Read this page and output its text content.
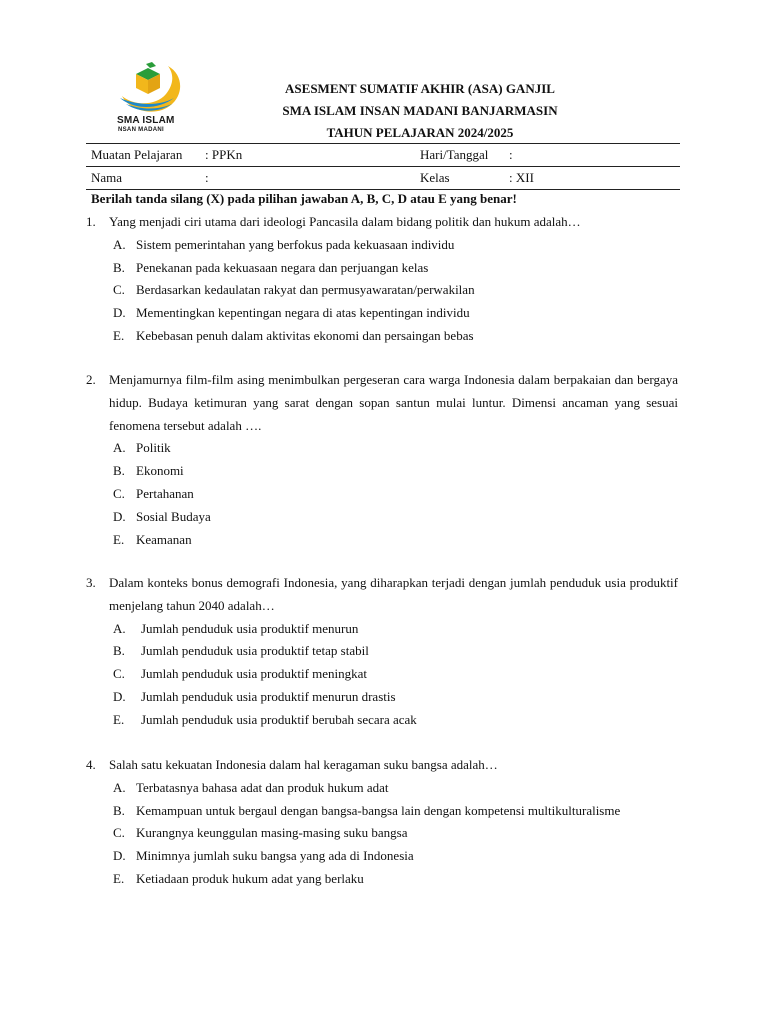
SMA ISLAM
NSAN MADANI
ASESMENT SUMATIF AKHIR (ASA) GANJIL
SMA ISLAM INSAN MADANI BANJARMASIN
TAHUN PELAJARAN 2024/2025
Muatan Pelajaran : PPKn	Hari/Tanggal :
Nama	:	Kelas	: XII
Berilah tanda silang (X) pada pilihan jawaban A, B, C, D atau E yang benar!
1. Yang menjadi ciri utama dari ideologi Pancasila dalam bidang politik dan hukum adalah…
A. Sistem pemerintahan yang berfokus pada kekuasaan individu
B. Penekanan pada kekuasaan negara dan perjuangan kelas
C. Berdasarkan kedaulatan rakyat dan permusyawaratan/perwakilan
D. Mementingkan kepentingan negara di atas kepentingan individu
E. Kebebasan penuh dalam aktivitas ekonomi dan persaingan bebas
2. Menjamurnya film-film asing menimbulkan pergeseran cara warga Indonesia dalam berpakaian dan bergaya hidup. Budaya ketimuran yang sarat dengan sopan santun mulai luntur. Dimensi ancaman yang sesuai fenomena tersebut adalah ….
A. Politik
B. Ekonomi
C. Pertahanan
D. Sosial Budaya
E. Keamanan
3. Dalam konteks bonus demografi Indonesia, yang diharapkan terjadi dengan jumlah penduduk usia produktif menjelang tahun 2040 adalah…
A. Jumlah penduduk usia produktif menurun
B. Jumlah penduduk usia produktif tetap stabil
C. Jumlah penduduk usia produktif meningkat
D. Jumlah penduduk usia produktif menurun drastis
E. Jumlah penduduk usia produktif berubah secara acak
4. Salah satu kekuatan Indonesia dalam hal keragaman suku bangsa adalah…
A. Terbatasnya bahasa adat dan produk hukum adat
B. Kemampuan untuk bergaul dengan bangsa-bangsa lain dengan kompetensi multikulturalisme
C. Kurangnya keunggulan masing-masing suku bangsa
D. Minimnya jumlah suku bangsa yang ada di Indonesia
E. Ketiadaan produk hukum adat yang berlaku
